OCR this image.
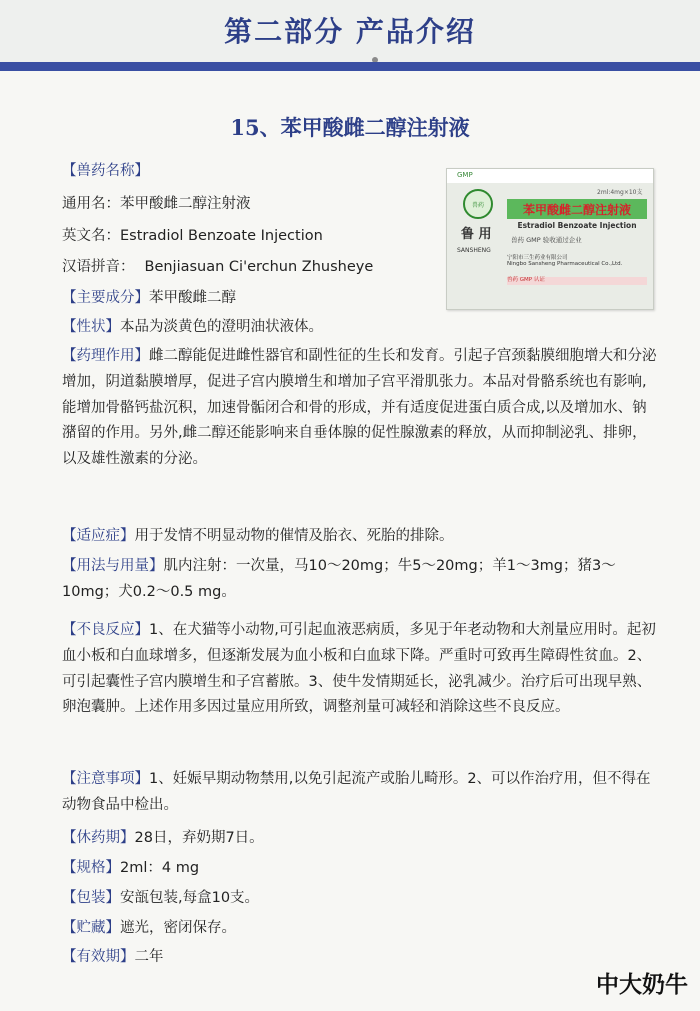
第二部分 产品介绍
15、苯甲酸雌二醇注射液
【兽药名称】
通用名：苯甲酸雌二醇注射液
英文名：Estradiol Benzoate Injection
汉语拼音： Benjiasuan Ci'erchun Zhusheye
【主要成分】苯甲酸雌二醇
【性状】本品为淡黄色的澄明油状液体。
【药理作用】雌二醇能促进雌性器官和副性征的生长和发育。引起子宫颈黏膜细胞增大和分泌增加，阴道黏膜增厚，促进子宫内膜增生和增加子宫平滑肌张力。本品对骨骼系统也有影响,能增加骨骼钙盐沉积，加速骨骺闭合和骨的形成，并有适度促进蛋白质合成,以及增加水、钠潴留的作用。另外,雌二醇还能影响来自垂体腺的促性腺激素的释放，从而抑制泌乳、排卵，以及雄性激素的分泌。
【适应症】用于发情不明显动物的催情及胎衣、死胎的排除。
【用法与用量】肌内注射：一次量，马10～20mg；牛5～20mg；羊1～3mg；猪3～10mg；犬0.2～0.5 mg。
【不良反应】1、在犬猫等小动物,可引起血液恶病质，多见于年老动物和大剂量应用时。起初血小板和白血球增多，但逐渐发展为血小板和白血球下降。严重时可致再生障碍性贫血。2、可引起囊性子宫内膜增生和子宫蓄脓。3、使牛发情期延长，泌乳减少。治疗后可出现早熟、卵泡囊肿。上述作用多因过量应用所致，调整剂量可减轻和消除这些不良反应。
【注意事项】1、妊娠早期动物禁用,以免引起流产或胎儿畸形。2、可以作治疗用，但不得在动物食品中检出。
【休药期】28日，弃奶期7日。
【规格】2ml：4 mg
【包装】安瓿包装,每盒10支。
【贮藏】遮光，密闭保存。
【有效期】二年
GMP
兽药
鲁 用
SANSHENG
2ml:4mg×10支
苯甲酸雌二醇注射液
Estradiol Benzoate Injection
兽药 GMP 验收通过企业
宁阳市三生药业有限公司
Ningbo Sansheng Pharmaceutical Co.,Ltd.
兽药 GMP 认证
中大奶牛
